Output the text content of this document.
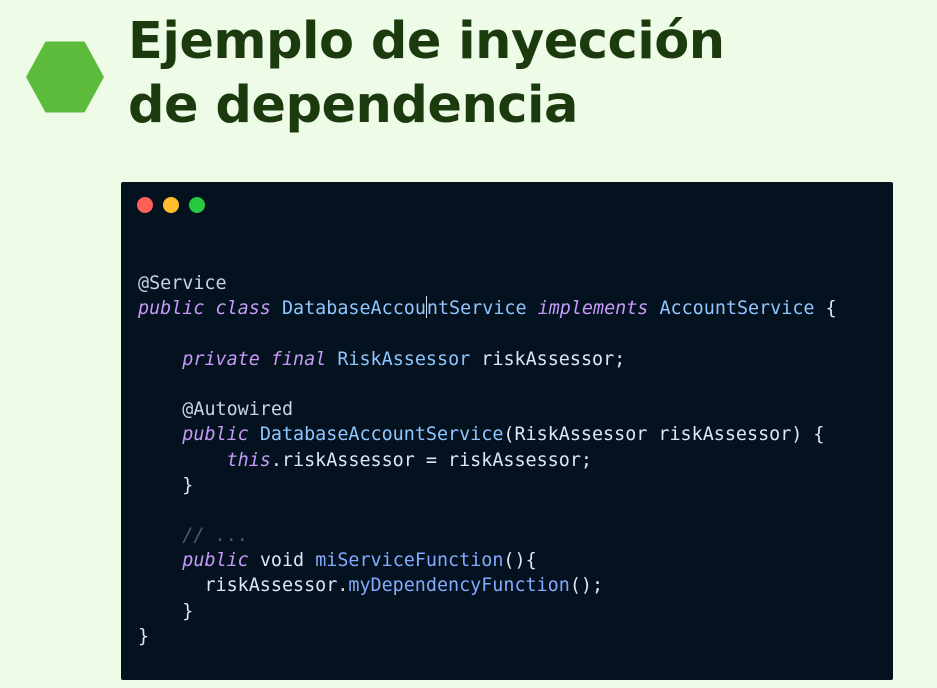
Ejemplo de inyección
de dependencia

@Service
public class DatabaseAccountService implements AccountService {
private final RiskAssessor riskAssessor;
@Autowired
public DatabaseAccountService(RiskAssessor riskAssessor) {
this.riskAssessor = riskAssessor;
}
// ...
public void miServiceFunction(){
riskAssessor.myDependencyFunction();
}
}
